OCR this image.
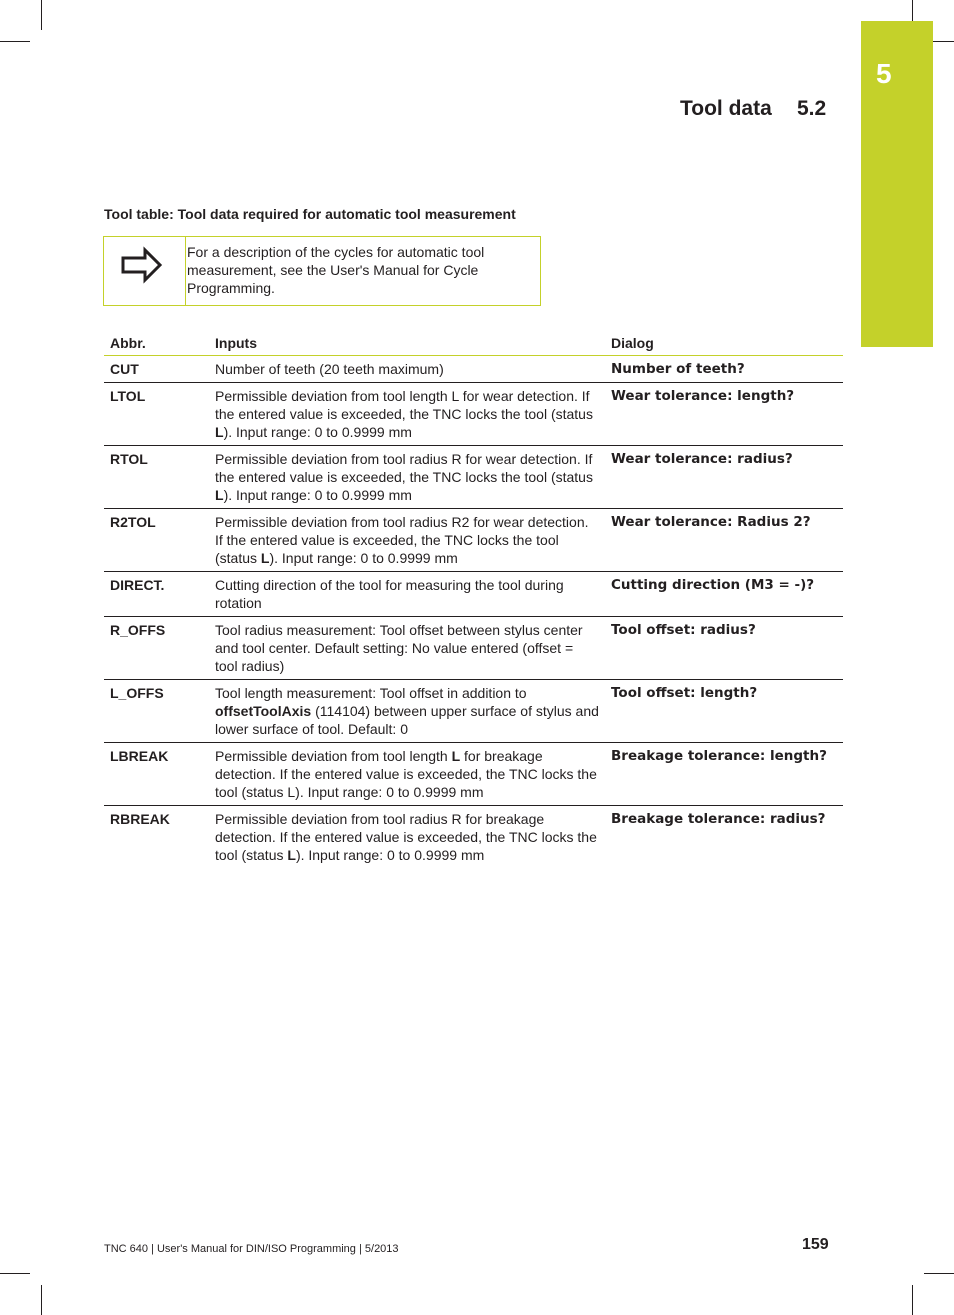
5
Tool data 5.2
Tool table: Tool data required for automatic tool measurement
For a description of the cycles for automatic tool measurement, see the User's Manual for Cycle Programming.
Abbr.	Inputs	Dialog
CUT	Number of teeth (20 teeth maximum)	Number of teeth?
LTOL	Permissible deviation from tool length L for wear detection. If the entered value is exceeded, the TNC locks the tool (status L). Input range: 0 to 0.9999 mm	Wear tolerance: length?
RTOL	Permissible deviation from tool radius R for wear detection. If the entered value is exceeded, the TNC locks the tool (status L). Input range: 0 to 0.9999 mm	Wear tolerance: radius?
R2TOL	Permissible deviation from tool radius R2 for wear detection. If the entered value is exceeded, the TNC locks the tool (status L). Input range: 0 to 0.9999 mm	Wear tolerance: Radius 2?
DIRECT.	Cutting direction of the tool for measuring the tool during rotation	Cutting direction (M3 = -)?
R_OFFS	Tool radius measurement: Tool offset between stylus center and tool center. Default setting: No value entered (offset = tool radius)	Tool offset: radius?
L_OFFS	Tool length measurement: Tool offset in addition to offsetToolAxis (114104) between upper surface of stylus and lower surface of tool. Default: 0	Tool offset: length?
LBREAK	Permissible deviation from tool length L for breakage detection. If the entered value is exceeded, the TNC locks the tool (status L). Input range: 0 to 0.9999 mm	Breakage tolerance: length?
RBREAK	Permissible deviation from tool radius R for breakage detection. If the entered value is exceeded, the TNC locks the tool (status L). Input range: 0 to 0.9999 mm	Breakage tolerance: radius?
TNC 640 | User's Manual for DIN/ISO Programming | 5/2013	159
